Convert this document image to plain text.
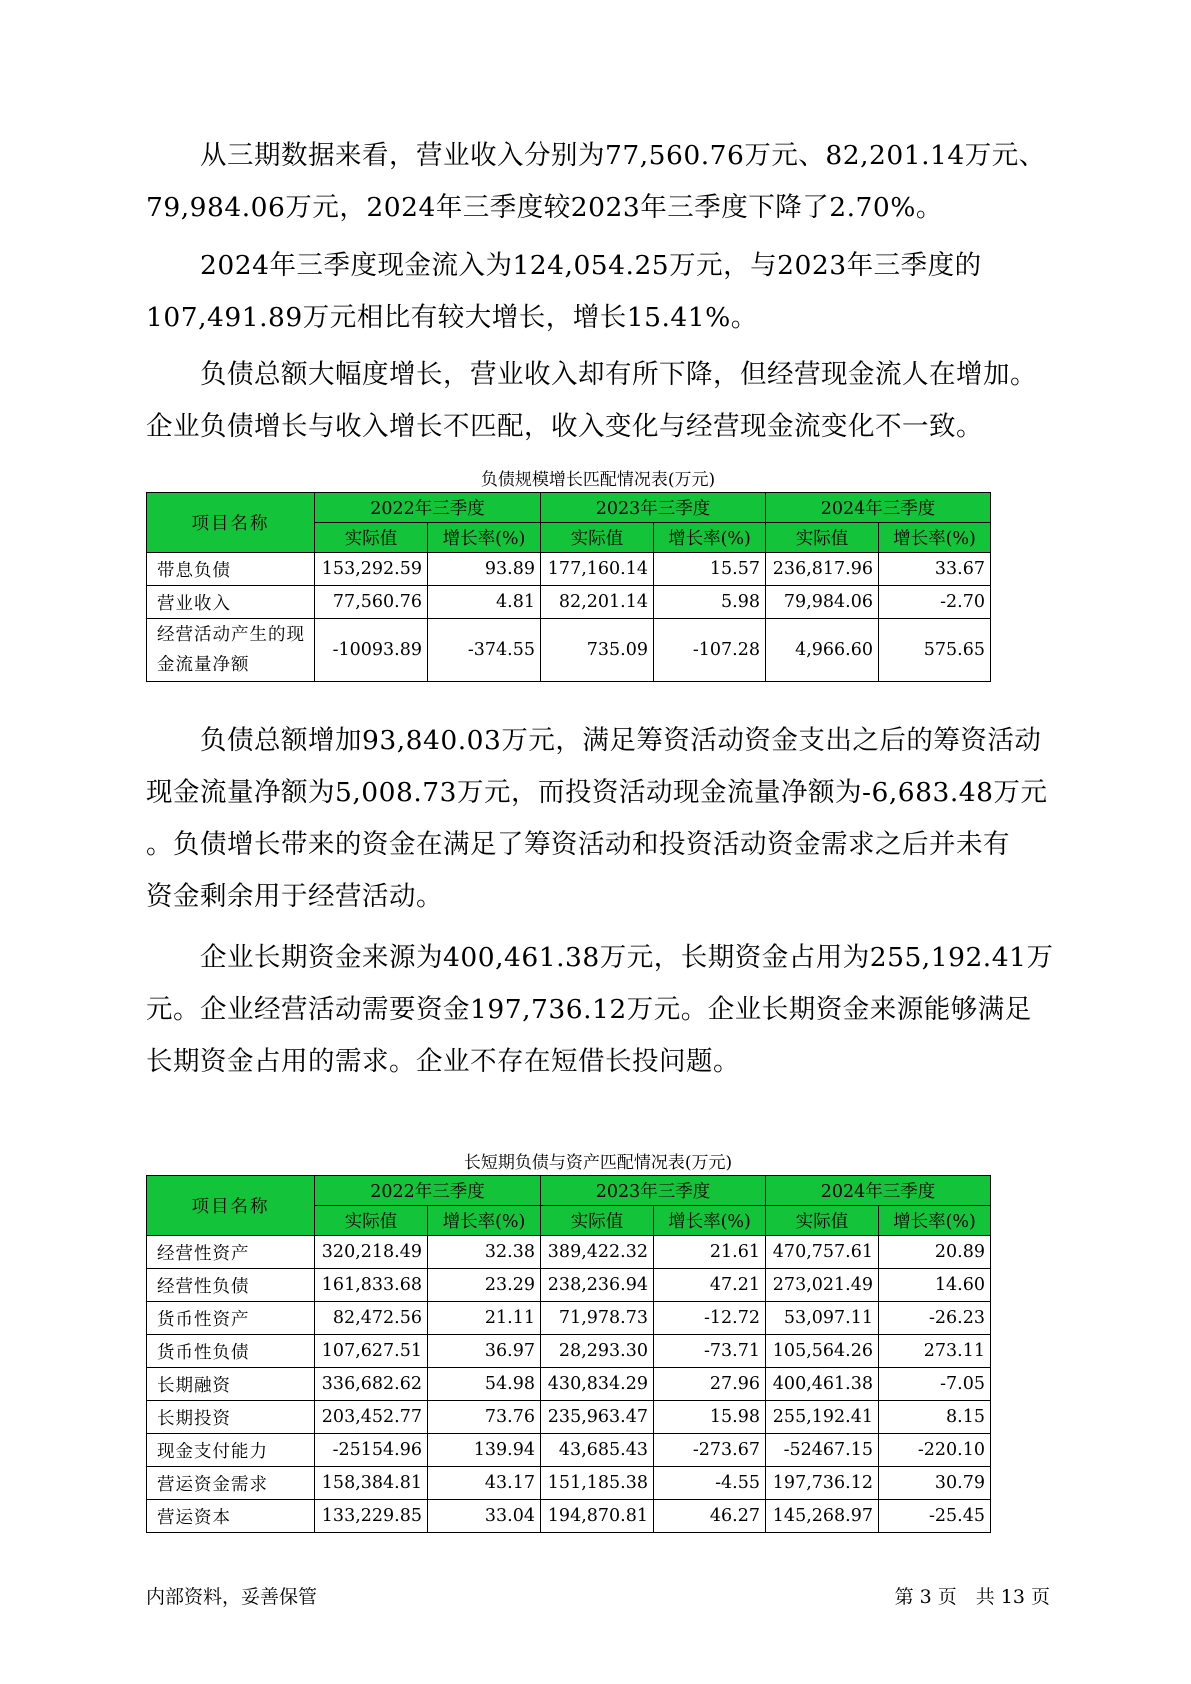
从三期数据来看，营业收入分别为77,560.76万元、82,201.14万元、
79,984.06万元，2024年三季度较2023年三季度下降了2.70%。

2024年三季度现金流入为124,054.25万元，与2023年三季度的
107,491.89万元相比有较大增长，增长15.41%。

负债总额大幅度增长，营业收入却有所下降，但经营现金流人在增加。
企业负债增长与收入增长不匹配，收入变化与经营现金流变化不一致。

负债规模增长匹配情况表(万元)
项目名称	2022年三季度		2023年三季度		2024年三季度	
	实际值	增长率(%)	实际值	增长率(%)	实际值	增长率(%)
带息负债	153,292.59	93.89	177,160.14	15.57	236,817.96	33.67
营业收入	77,560.76	4.81	82,201.14	5.98	79,984.06	-2.70
经营活动产生的现金流量净额	-10093.89	-374.55	735.09	-107.28	4,966.60	575.65

负债总额增加93,840.03万元，满足筹资活动资金支出之后的筹资活动
现金流量净额为5,008.73万元，而投资活动现金流量净额为-6,683.48万元
。负债增长带来的资金在满足了筹资活动和投资活动资金需求之后并未有
资金剩余用于经营活动。

企业长期资金来源为400,461.38万元，长期资金占用为255,192.41万
元。企业经营活动需要资金197,736.12万元。企业长期资金来源能够满足
长期资金占用的需求。企业不存在短借长投问题。

长短期负债与资产匹配情况表(万元)
项目名称	2022年三季度		2023年三季度		2024年三季度	
	实际值	增长率(%)	实际值	增长率(%)	实际值	增长率(%)
经营性资产	320,218.49	32.38	389,422.32	21.61	470,757.61	20.89
经营性负债	161,833.68	23.29	238,236.94	47.21	273,021.49	14.60
货币性资产	82,472.56	21.11	71,978.73	-12.72	53,097.11	-26.23
货币性负债	107,627.51	36.97	28,293.30	-73.71	105,564.26	273.11
长期融资	336,682.62	54.98	430,834.29	27.96	400,461.38	-7.05
长期投资	203,452.77	73.76	235,963.47	15.98	255,192.41	8.15
现金支付能力	-25154.96	139.94	43,685.43	-273.67	-52467.15	-220.10
营运资金需求	158,384.81	43.17	151,185.38	-4.55	197,736.12	30.79
营运资本	133,229.85	33.04	194,870.81	46.27	145,268.97	-25.45
内部资料，妥善保管	第 3 页　共 13 页
